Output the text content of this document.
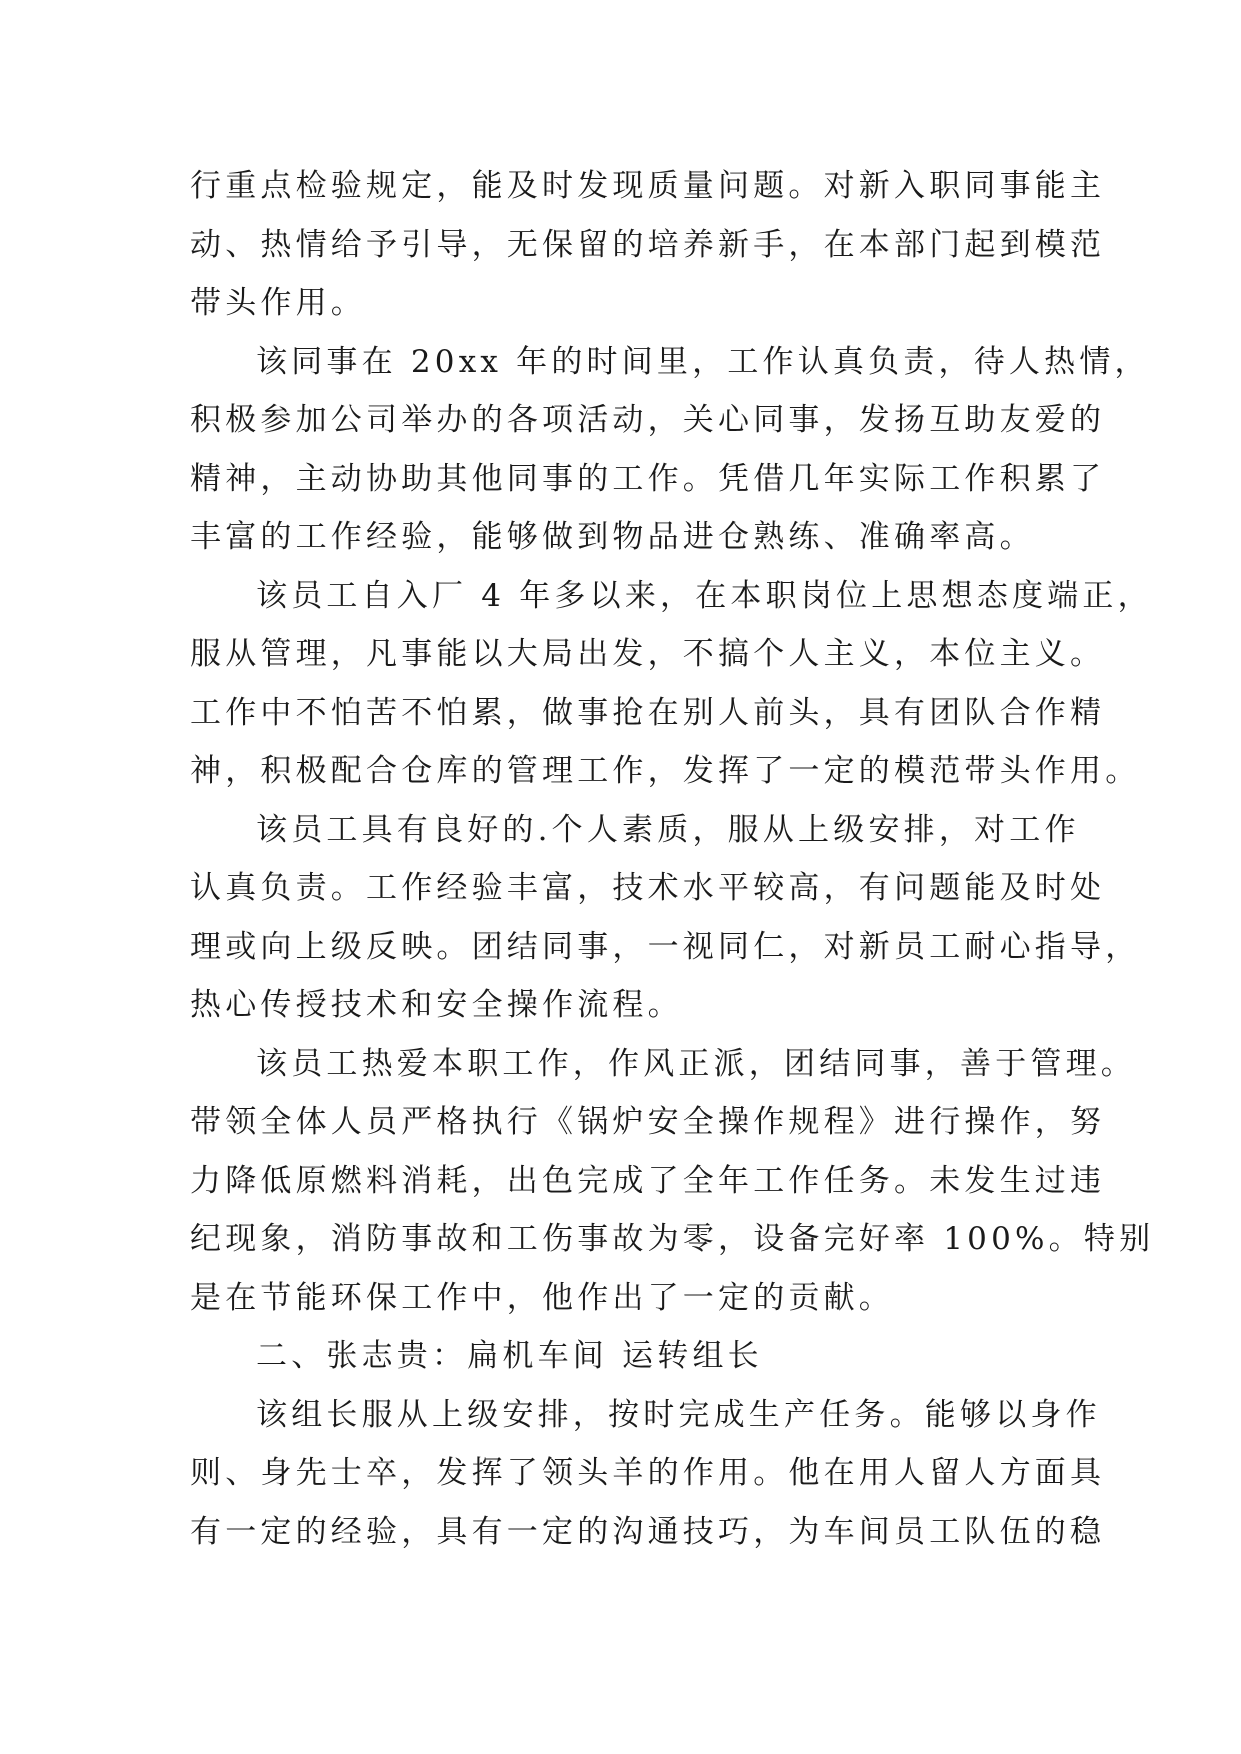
行重点检验规定，能及时发现质量问题。对新入职同事能主
动、热情给予引导，无保留的培养新手，在本部门起到模范
带头作用。
该同事在 20xx 年的时间里，工作认真负责，待人热情，
积极参加公司举办的各项活动，关心同事，发扬互助友爱的
精神，主动协助其他同事的工作。凭借几年实际工作积累了
丰富的工作经验，能够做到物品进仓熟练、准确率高。
该员工自入厂 4 年多以来，在本职岗位上思想态度端正，
服从管理，凡事能以大局出发，不搞个人主义，本位主义。
工作中不怕苦不怕累，做事抢在别人前头，具有团队合作精
神，积极配合仓库的管理工作，发挥了一定的模范带头作用。
该员工具有良好的.个人素质，服从上级安排，对工作
认真负责。工作经验丰富，技术水平较高，有问题能及时处
理或向上级反映。团结同事，一视同仁，对新员工耐心指导，
热心传授技术和安全操作流程。
该员工热爱本职工作，作风正派，团结同事，善于管理。
带领全体人员严格执行《锅炉安全操作规程》进行操作，努
力降低原燃料消耗，出色完成了全年工作任务。未发生过违
纪现象，消防事故和工伤事故为零，设备完好率 100%。特别
是在节能环保工作中，他作出了一定的贡献。
二、张志贵：扁机车间 运转组长
该组长服从上级安排，按时完成生产任务。能够以身作
则、身先士卒，发挥了领头羊的作用。他在用人留人方面具
有一定的经验，具有一定的沟通技巧，为车间员工队伍的稳
